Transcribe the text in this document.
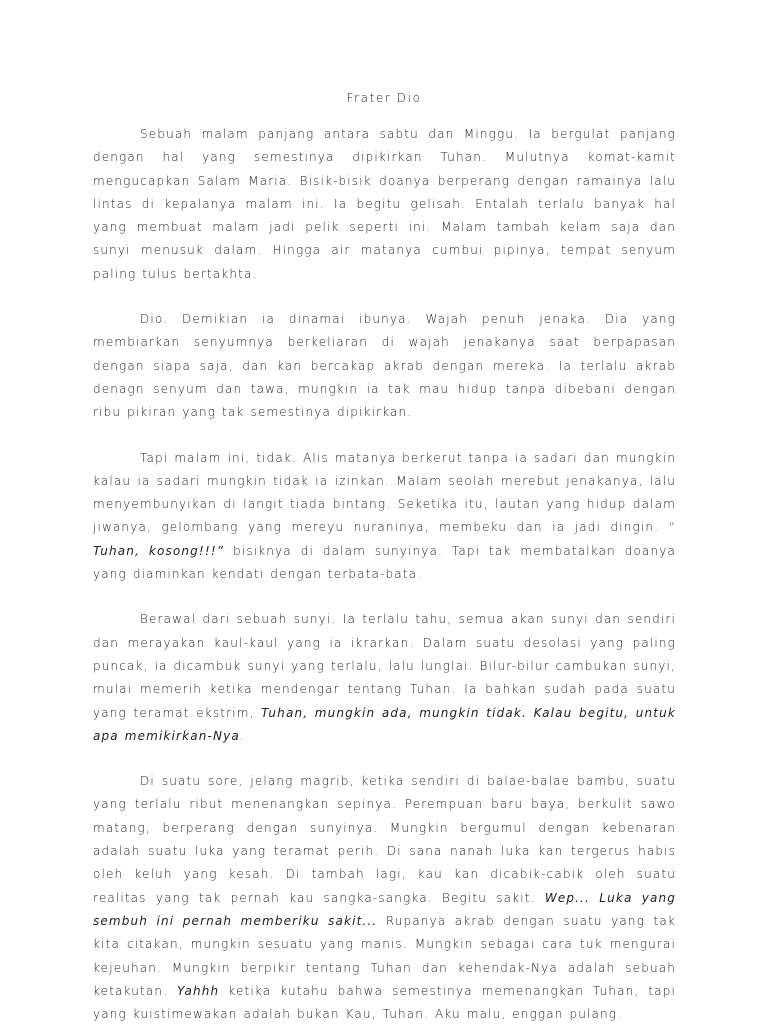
Frater Dio

Sebuah malam panjang antara sabtu dan Minggu. Ia bergulat panjang dengan hal yang semestinya dipikirkan Tuhan. Mulutnya komat-kamit mengucapkan Salam Maria. Bisik-bisik doanya berperang dengan ramainya lalu lintas di kepalanya malam ini. Ia begitu gelisah. Entalah terlalu banyak hal yang membuat malam jadi pelik seperti ini. Malam tambah kelam saja dan sunyi menusuk dalam. Hingga air matanya cumbui pipinya, tempat senyum paling tulus bertakhta.

Dio. Demikian ia dinamai ibunya. Wajah penuh jenaka. Dia yang membiarkan senyumnya berkeliaran di wajah jenakanya saat berpapasan dengan siapa saja, dan kan bercakap akrab dengan mereka. Ia terlalu akrab denagn senyum dan tawa, mungkin ia tak mau hidup tanpa dibebani dengan ribu pikiran yang tak semestinya dipikirkan.

Tapi malam ini, tidak. Alis matanya berkerut tanpa ia sadari dan mungkin kalau ia sadari mungkin tidak ia izinkan. Malam seolah merebut jenakanya, lalu menyembunyikan di langit tiada bintang. Seketika itu, lautan yang hidup dalam jiwanya, gelombang yang mereyu nuraninya, membeku dan ia jadi dingin. “ Tuhan, kosong!!!” bisiknya di dalam sunyinya. Tapi tak membatalkan doanya yang diaminkan kendati dengan terbata-bata.

Berawal dari sebuah sunyi. Ia terlalu tahu, semua akan sunyi dan sendiri dan merayakan kaul-kaul yang ia ikrarkan. Dalam suatu desolasi yang paling puncak, ia dicambuk sunyi yang terlalu, lalu lunglai. Bilur-bilur cambukan sunyi, mulai memerih ketika mendengar tentang Tuhan. Ia bahkan sudah pada suatu yang teramat ekstrim, Tuhan, mungkin ada, mungkin tidak. Kalau begitu, untuk apa memikirkan-Nya.

Di suatu sore, jelang magrib, ketika sendiri di balae-balae bambu, suatu yang terlalu ribut menenangkan sepinya. Perempuan baru baya, berkulit sawo matang, berperang dengan sunyinya. Mungkin bergumul dengan kebenaran adalah suatu luka yang teramat perih. Di sana nanah luka kan tergerus habis oleh keluh yang kesah. Di tambah lagi, kau kan dicabik-cabik oleh suatu realitas yang tak pernah kau sangka-sangka. Begitu sakit. Wep... Luka yang sembuh ini pernah memberiku sakit... Rupanya akrab dengan suatu yang tak kita citakan, mungkin sesuatu yang manis. Mungkin sebagai cara tuk mengurai kejeuhan. Mungkin berpikir tentang Tuhan dan kehendak-Nya adalah sebuah ketakutan. Yahhh ketika kutahu bahwa semestinya memenangkan Tuhan, tapi yang kuistimewakan adalah bukan Kau, Tuhan. Aku malu, enggan pulang.
